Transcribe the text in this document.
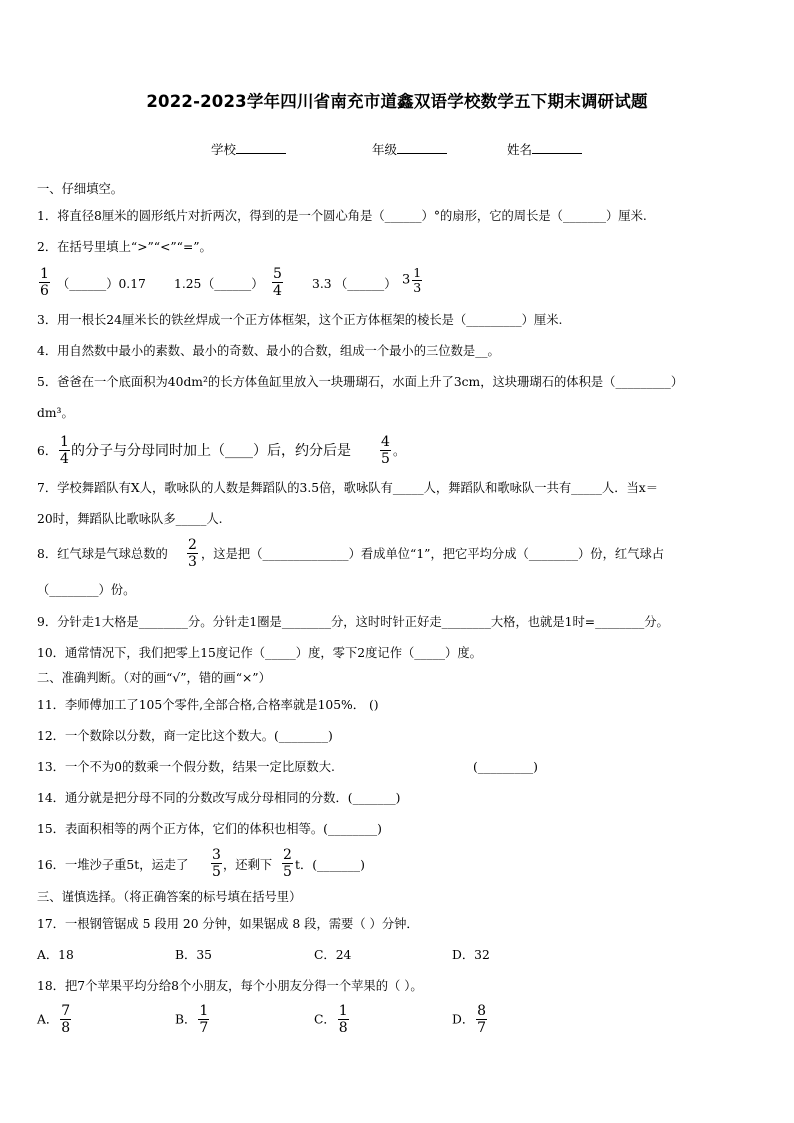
2022-2023学年四川省南充市道鑫双语学校数学五下期末调研试题
学校	年级	姓名
一、仔细填空。
1．将直径8厘米的圆形纸片对折两次，得到的是一个圆心角是（______）°的扇形，它的周长是（_______）厘米.
2．在括号里填上“>”“<”“=”。
$\frac{1}{6}$ （______）0.17 1.25 （______） $\frac{5}{4} 3.3$ （______） $3 \frac{1}{3}$
3．用一根长24厘米长的铁丝焊成一个正方体框架，这个正方体框架的棱长是（_________）厘米.
4．用自然数中最小的素数、最小的奇数、最小的合数，组成一个最小的三位数是__。
5．爸爸在一个底面积为40dm²的长方体鱼缸里放入一块珊瑚石，水面上升了3cm，这块珊瑚石的体积是（_________）
dm³。
6． $\frac{1}{4}$ 的分子与分母同时加上（____）后，约分后是 $\frac{4}{5}$ 。
7．学校舞蹈队有X人，歌咏队的人数是舞蹈队的3.5倍，歌咏队有_____人，舞蹈队和歌咏队一共有_____人．当x＝
20时，舞蹈队比歌咏队多_____人.
8．红气球是气球总数的 $\frac{2}{3}$ ，这是把（______________）看成单位“1”，把它平均分成（________）份，红气球占
（________）份。
9．分针走1大格是________分。分针走1圈是________分，这时时针正好走________大格，也就是1时=________分。
10．通常情况下，我们把零上15度记作（_____）度，零下2度记作（_____）度。
二、准确判断。（对的画“√”，错的画“×”）
11．李师傅加工了105个零件,全部合格,合格率就是105%． ()
12．一个数除以分数，商一定比这个数大。(________)
13．一个不为0的数乘一个假分数，结果一定比原数大.	(_________)
14．通分就是把分母不同的分数改写成分母相同的分数．(_______)
15．表面积相等的两个正方体，它们的体积也相等。(________)
16．一堆沙子重5t，运走了 $\frac{3}{5}$ ，还剩下 $\frac{2}{5}$ t．(_______)
三、谨慎选择。（将正确答案的标号填在括号里）
17．一根钢管锯成 5 段用 20 分钟，如果锯成 8 段，需要（ ）分钟．
A．18	B．35	C．24	D．32
18．把7个苹果平均分给8个小朋友，每个小朋友分得一个苹果的（ ）。
A． $\frac{7}{8}$	B． $\frac{1}{7}$	C． $\frac{1}{8}$	D． $\frac{8}{7}$
